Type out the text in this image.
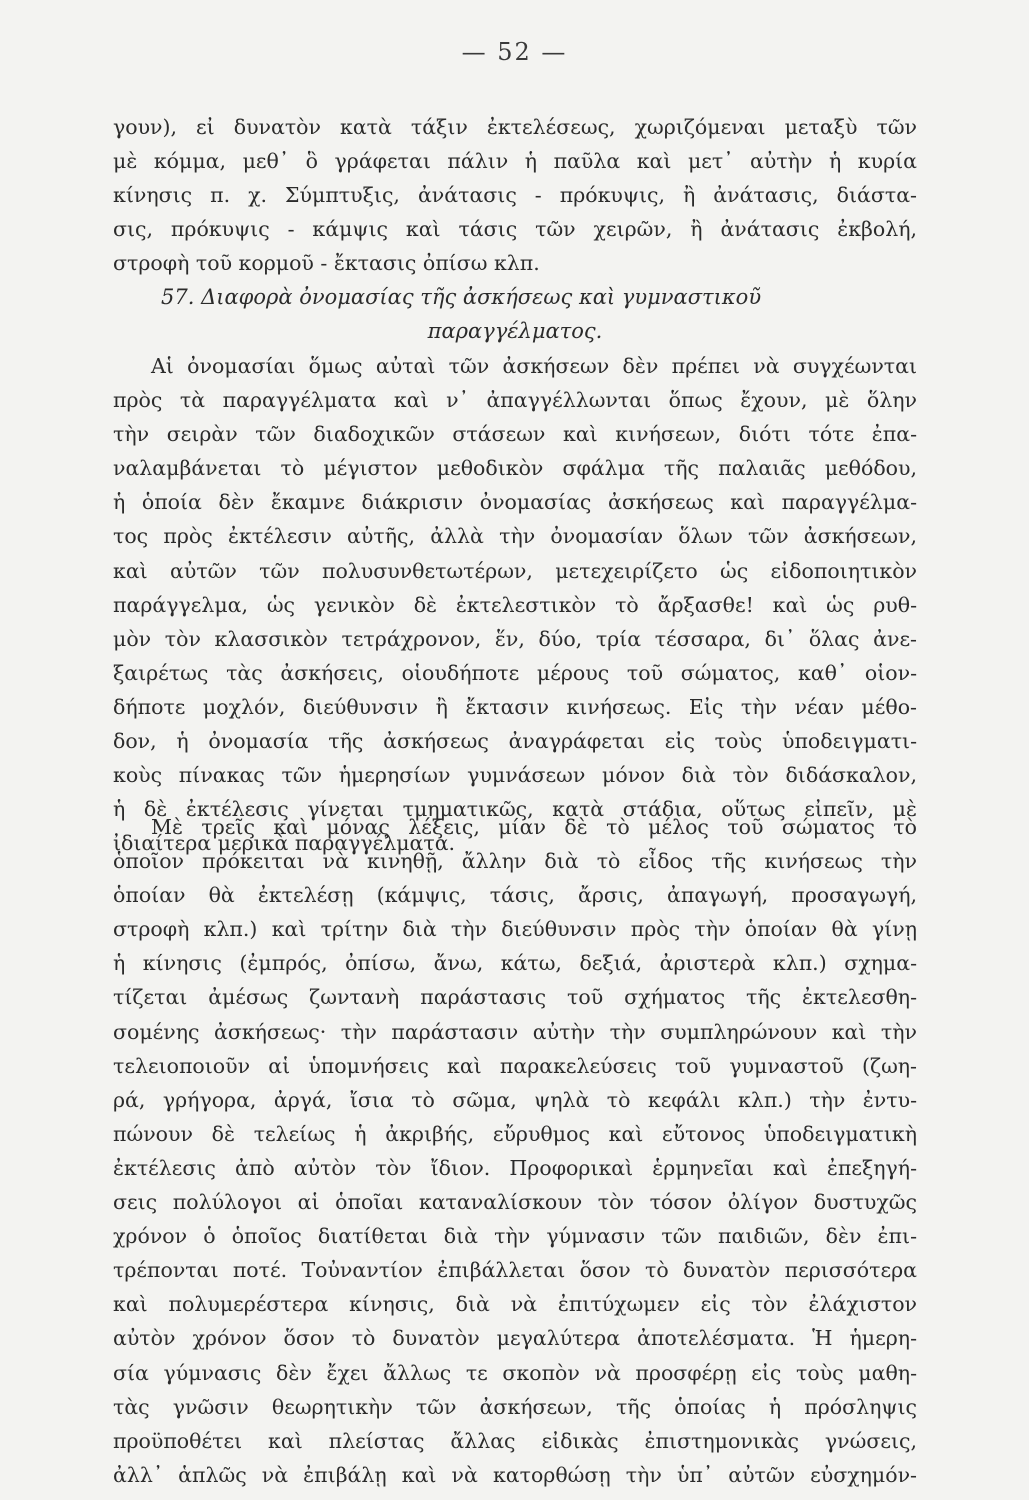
— 52 —
γουν), εἰ δυνατὸν κατὰ τάξιν ἐκτελέσεως, χωριζόμεναι μεταξὺ τῶν
μὲ κόμμα, μεθ᾽ ὃ γράφεται πάλιν ἡ παῦλα καὶ μετ᾽ αὐτὴν ἡ κυρία
κίνησις π. χ. Σύμπτυξις, ἀνάτασις - πρόκυψις, ἢ ἀνάτασις, διάστα-
σις, πρόκυψις - κάμψις καὶ τάσις τῶν χειρῶν, ἢ ἀνάτασις ἐκβολή,
στροφὴ τοῦ κορμοῦ - ἔκτασις ὀπίσω κλπ.
57. Διαφορὰ ὀνομασίας τῆς ἀσκήσεως καὶ γυμναστικοῦ
παραγγέλματος.
Αἱ ὀνομασίαι ὅμως αὐταὶ τῶν ἀσκήσεων δὲν πρέπει νὰ συγχέωνται
πρὸς τὰ παραγγέλματα καὶ ν᾽ ἀπαγγέλλωνται ὅπως ἔχουν, μὲ ὅλην
τὴν σειρὰν τῶν διαδοχικῶν στάσεων καὶ κινήσεων, διότι τότε ἐπα-
ναλαμβάνεται τὸ μέγιστον μεθοδικὸν σφάλμα τῆς παλαιᾶς μεθόδου,
ἡ ὁποία δὲν ἔκαμνε διάκρισιν ὀνομασίας ἀσκήσεως καὶ παραγγέλμα-
τος πρὸς ἐκτέλεσιν αὐτῆς, ἀλλὰ τὴν ὀνομασίαν ὅλων τῶν ἀσκήσεων,
καὶ αὐτῶν τῶν πολυσυνθετωτέρων, μετεχειρίζετο ὡς εἰδοποιητικὸν
παράγγελμα, ὡς γενικὸν δὲ ἐκτελεστικὸν τὸ ἄρξασθε! καὶ ὡς ρυθ-
μὸν τὸν κλασσικὸν τετράχρονον, ἕν, δύο, τρία τέσσαρα, δι᾽ ὅλας ἀνε-
ξαιρέτως τὰς ἀσκήσεις, οἱουδήποτε μέρους τοῦ σώματος, καθ᾽ οἱον-
δήποτε μοχλόν, διεύθυνσιν ἢ ἔκτασιν κινήσεως. Εἰς τὴν νέαν μέθο-
δον, ἡ ὀνομασία τῆς ἀσκήσεως ἀναγράφεται εἰς τοὺς ὑποδειγματι-
κοὺς πίνακας τῶν ἡμερησίων γυμνάσεων μόνον διὰ τὸν διδάσκαλον,
ἡ δὲ ἐκτέλεσις γίνεται τμηματικῶς, κατὰ στάδια, οὕτως εἰπεῖν, μὲ
ἰδιαίτερα μερικὰ παραγγέλματα.
Μὲ τρεῖς καὶ μόνας λέξεις, μίαν δὲ τὸ μέλος τοῦ σώματος τὸ
ὁποῖον πρόκειται νὰ κινηθῇ, ἄλλην διὰ τὸ εἶδος τῆς κινήσεως τὴν
ὁποίαν θὰ ἐκτελέσῃ (κάμψις, τάσις, ἄρσις, ἀπαγωγή, προσαγωγή,
στροφὴ κλπ.) καὶ τρίτην διὰ τὴν διεύθυνσιν πρὸς τὴν ὁποίαν θὰ γίνῃ
ἡ κίνησις (ἐμπρός, ὀπίσω, ἄνω, κάτω, δεξιά, ἀριστερὰ κλπ.) σχημα-
τίζεται ἀμέσως ζωντανὴ παράστασις τοῦ σχήματος τῆς ἐκτελεσθη-
σομένης ἀσκήσεως· τὴν παράστασιν αὐτὴν τὴν συμπληρώνουν καὶ τὴν
τελειοποιοῦν αἱ ὑπομνήσεις καὶ παρακελεύσεις τοῦ γυμναστοῦ (ζωη-
ρά, γρήγορα, ἀργά, ἴσια τὸ σῶμα, ψηλὰ τὸ κεφάλι κλπ.) τὴν ἐντυ-
πώνουν δὲ τελείως ἡ ἀκριβής, εὔρυθμος καὶ εὔτονος ὑποδειγματικὴ
ἐκτέλεσις ἀπὸ αὐτὸν τὸν ἴδιον. Προφορικαὶ ἑρμηνεῖαι καὶ ἐπεξηγή-
σεις πολύλογοι αἱ ὁποῖαι καταναλίσκουν τὸν τόσον ὀλίγον δυστυχῶς
χρόνον ὁ ὁποῖος διατίθεται διὰ τὴν γύμνασιν τῶν παιδιῶν, δὲν ἐπι-
τρέπονται ποτέ. Τοὐναντίον ἐπιβάλλεται ὅσον τὸ δυνατὸν περισσότερα
καὶ πολυμερέστερα κίνησις, διὰ νὰ ἐπιτύχωμεν εἰς τὸν ἐλάχιστον
αὐτὸν χρόνον ὅσον τὸ δυνατὸν μεγαλύτερα ἀποτελέσματα. Ἡ ἡμερη-
σία γύμνασις δὲν ἔχει ἄλλως τε σκοπὸν νὰ προσφέρῃ εἰς τοὺς μαθη-
τὰς γνῶσιν θεωρητικὴν τῶν ἀσκήσεων, τῆς ὁποίας ἡ πρόσληψις
προϋποθέτει καὶ πλείστας ἄλλας εἰδικὰς ἐπιστημονικὰς γνώσεις,
ἀλλ᾽ ἁπλῶς νὰ ἐπιβάλῃ καὶ νὰ κατορθώσῃ τὴν ὑπ᾽ αὐτῶν εὐσχημόν-
